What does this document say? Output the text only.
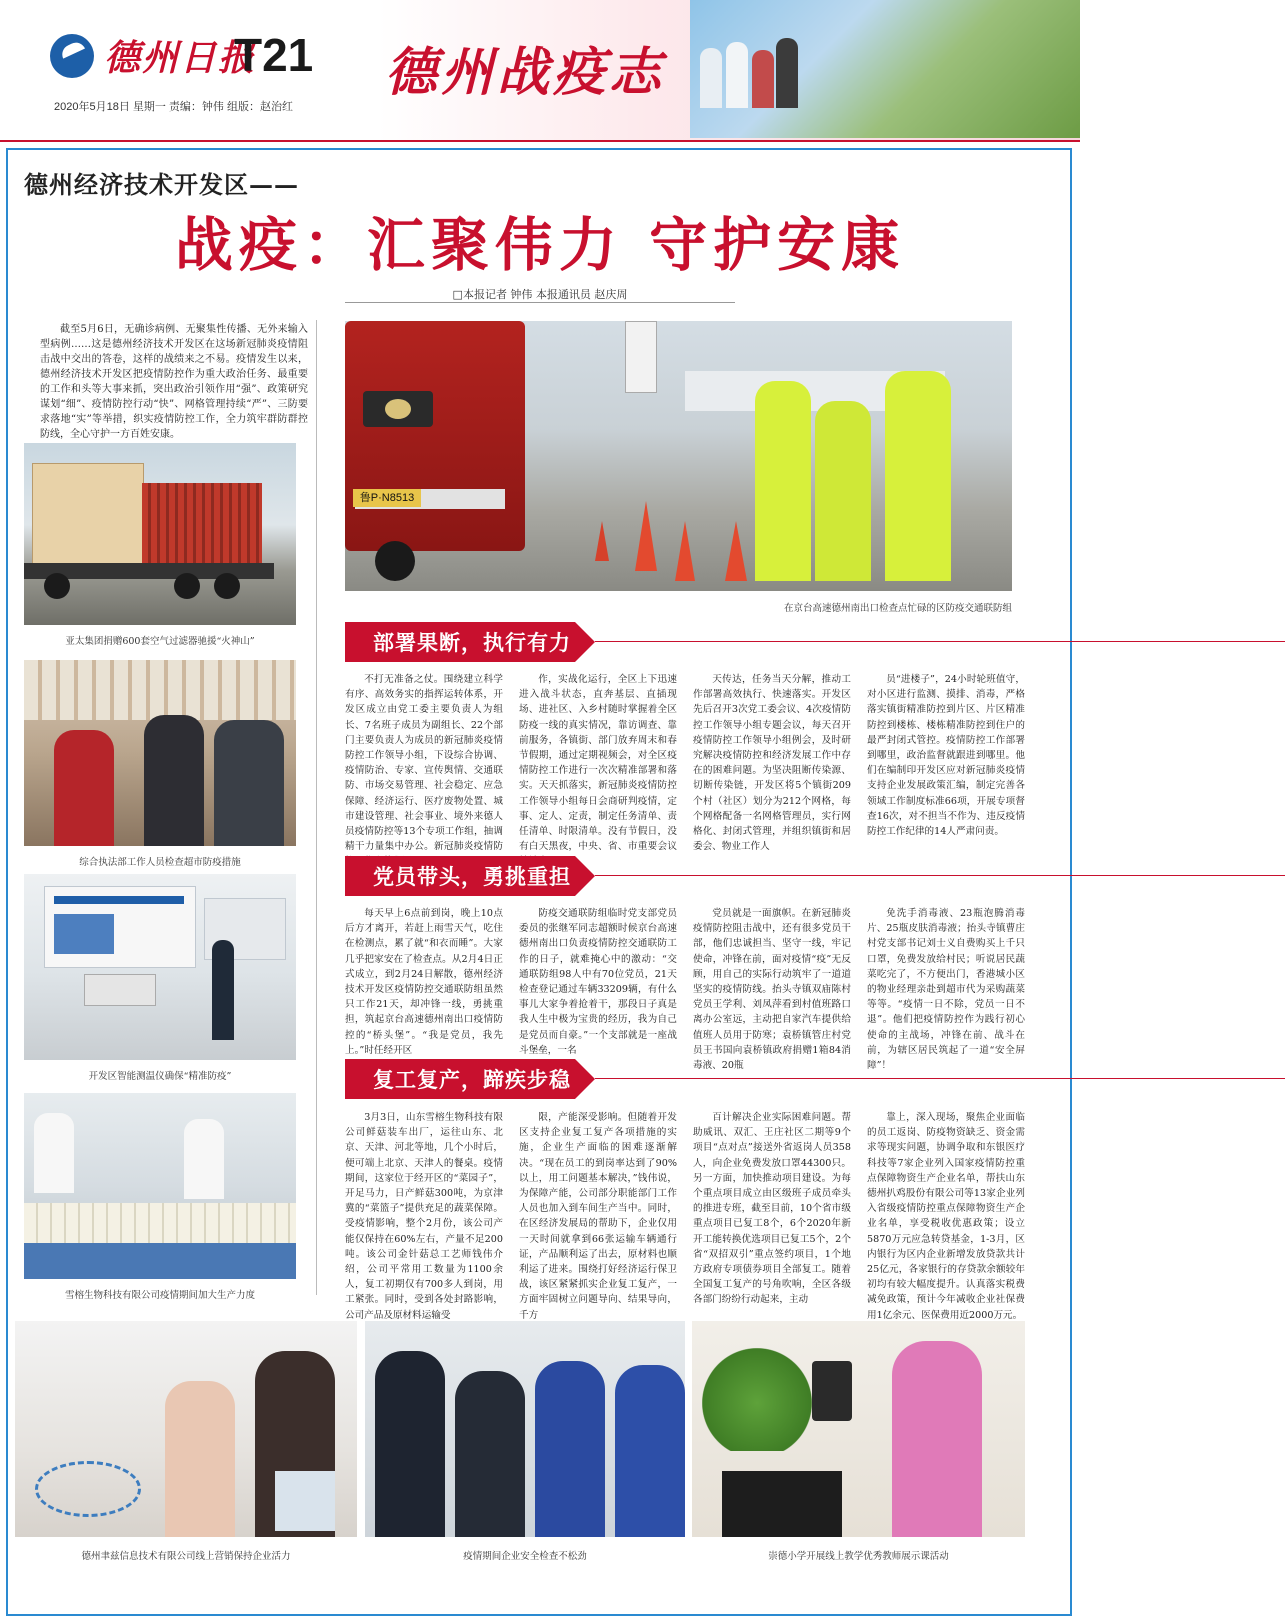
德州日报
T21 德州战疫志
2020年5月18日 星期一 责编：钟伟 组版：赵治红
德州经济技术开发区——
战疫：汇聚伟力 守护安康
□本报记者 钟伟 本报通讯员 赵庆周
截至5月6日，无确诊病例、无聚集性传播、无外来输入型病例……这是德州经济技术开发区在这场新冠肺炎疫情阻击战中交出的答卷，这样的战绩来之不易。疫情发生以来，德州经济技术开发区把疫情防控作为重大政治任务、最重要的工作和头等大事来抓，突出政治引领作用“强”、政策研究谋划“细”、疫情防控行动“快”、网格管理持续“严”、三防要求落地“实”等举措，织实疫情防控工作，全力筑牢群防群控防线，全心守护一方百姓安康。
亚太集团捐赠600套空气过滤器驰援“火神山”
综合执法部工作人员检查超市防疫措施
开发区智能测温仪确保“精准防疫”
雪榕生物科技有限公司疫情期间加大生产力度
鲁P·N8513
在京台高速德州南出口检查点忙碌的区防疫交通联防组
部署果断，执行有力

不打无准备之仗。围绕建立科学有序、高效务实的指挥运转体系，开发区成立由党工委主要负责人为组长、7名班子成员为副组长、22个部门主要负责人为成员的新冠肺炎疫情防控工作领导小组，下设综合协调、疫情防治、专家、宣传舆情、交通联防、市场交易管理、社会稳定、应急保障、经济运行、医疗废物处置、城市建设管理、社会事业、境外来德人员疫情防控等13个专项工作组，抽调精干力量集中办公。新冠肺炎疫情防

作，实战化运行，全区上下迅速进入战斗状态，直奔基层、直插现场、进社区、入乡村随时掌握着全区防疫一线的真实情况，靠访调查、靠前服务，各镇街、部门放弃周末和春节假期，通过定期视频会，对全区疫情防控工作进行一次次精准部署和落实。天天抓落实，新冠肺炎疫情防控工作领导小组每日会商研判疫情，定事、定人、定责，制定任务清单、责任清单、时限清单。没有节假日，没有白天黑夜，中央、省、市重要会议

天传达，任务当天分解，推动工作部署高效执行、快速落实。开发区先后召开3次党工委会议、4次疫情防控工作领导小组专题会议，每天召开疫情防控工作领导小组例会，及时研究解决疫情防控和经济发展工作中存在的困难问题。为坚决阻断传染源、切断传染链，开发区将5个镇街209个村（社区）划分为212个网格，每个网格配备一名网格管理员，实行网格化、封闭式管理，并组织镇街和居委会、物业工作人

员“进楼子”，24小时轮班值守，对小区进行监测、摸排、消毒，严格落实镇街精准防控到片区、片区精准防控到楼栋、楼栋精准防控到住户的最严封闭式管控。疫情防控工作部署到哪里，政治监督就跟进到哪里。他们在编制印开发区应对新冠肺炎疫情支持企业发展政策汇编，制定完善各领域工作制度标准66项，开展专项督查16次，对不担当不作为、违反疫情防控工作纪律的14人严肃问责。

党员带头，勇挑重担

每天早上6点前到岗，晚上10点后方才离开，若赶上雨雪天气，吃住在检测点，累了就“和衣而睡”。大家几乎把家安在了检查点。从2月4日正式成立，到2月24日解散，德州经济技术开发区疫情防控交通联防组虽然只工作21天，却冲锋一线，勇挑重担，筑起京台高速德州南出口疫情防控的“桥头堡”。“我是党员，我先上。”时任经开区

防疫交通联防组临时党支部党员委员的张继军同志超额时候京台高速德州南出口负责疫情防控交通联防工作的日子，就难掩心中的激动：“交通联防组98人中有70位党员，21天检查登记通过车辆33209辆，有什么事儿大家争着抢着干，那段日子真是我人生中极为宝贵的经历，我为自己是党员而自豪。”一个支部就是一座战斗堡垒，一名

党员就是一面旗帜。在新冠肺炎疫情防控阻击战中，还有很多党员干部，他们忠诚担当、坚守一线，牢记使命，冲锋在前，面对疫情“疫”无反顾，用自己的实际行动筑牢了一道道坚实的疫情防线。抬头寺镇双庙陈村党员王学利、刘凤萍看到村值班路口离办公室远，主动把自家汽车提供给值班人员用于防寒；袁桥镇管庄村党员王书国向袁桥镇政府捐赠1箱84消毒液、20瓶

免洗手消毒液、23瓶泡腾消毒片、25瓶皮肤消毒液；抬头寺镇曹庄村党支部书记刘士义自费购买上千只口罩，免费发放给村民；听说居民蔬菜吃完了，不方便出门，香港城小区的物业经理亲赴到超市代为采购蔬菜等等。“疫情一日不除，党员一日不退”。他们把疫情防控作为践行初心使命的主战场，冲锋在前、战斗在前，为辖区居民筑起了一道“安全屏障”！

复工复产，蹄疾步稳

3月3日，山东雪榕生物科技有限公司鲜菇装车出厂，运往山东、北京、天津、河北等地，几个小时后，便可端上北京、天津人的餐桌。疫情期间，这家位于经开区的“菜园子”，开足马力，日产鲜菇300吨，为京津冀的“菜篮子”提供充足的蔬菜保障。受疫情影响，整个2月份，该公司产能仅保持在60%左右，产量不足200吨。该公司金针菇总工艺师钱伟介绍，公司平常用工数量为1100余人，复工初期仅有700多人到岗，用工紧张。同时，受到各处封路影响，公司产品及原材料运输受

限，产能深受影响。但随着开发区支持企业复工复产各项措施的实施，企业生产面临的困难逐渐解决。“现在员工的到岗率达到了90%以上，用工问题基本解决，”钱伟说，为保障产能，公司部分职能部门工作人员也加入到车间生产当中。同时，在区经济发展局的帮助下，企业仅用一天时间就拿到66张运输车辆通行证，产品顺利运了出去，原材料也顺利运了进来。围绕打好经济运行保卫战，该区紧紧抓实企业复工复产，一方面牢固树立问题导向、结果导向，千方

百计解决企业实际困难问题。帮助威讯、双汇、王庄社区二期等9个项目“点对点”接送外省返岗人员358人，向企业免费发放口罩44300只。另一方面，加快推动项目建设。为每个重点项目成立由区级班子成员牵头的推进专班，截至目前，10个省市级重点项目已复工8个，6个2020年新开工能转换优选项目已复工5个，2个省“双招双引”重点签约项目，1个地方政府专项债券项目全部复工。随着全国复工复产的号角吹响，全区各级各部门纷纷行动起来，主动

靠上，深入现场，聚焦企业面临的员工返岗、防疫物资缺乏、资金需求等现实问题，协调争取和东银医疗科技等7家企业列入国家疫情防控重点保障物资生产企业名单，帮扶山东德州扒鸡股份有限公司等13家企业列入省级疫情防控重点保障物资生产企业名单，享受税收优惠政策；设立5870万元应急转贷基金，1-3月，区内银行为区内企业新增发放贷款共计25亿元，各家银行的存贷款余额较年初均有较大幅度提升。认真落实税费减免政策，预计今年减收企业社保费用1亿余元、医保费用近2000万元。

德州聿兹信息技术有限公司线上营销保持企业活力	疫情期间企业安全检查不松劲	崇德小学开展线上教学优秀教师展示课活动
